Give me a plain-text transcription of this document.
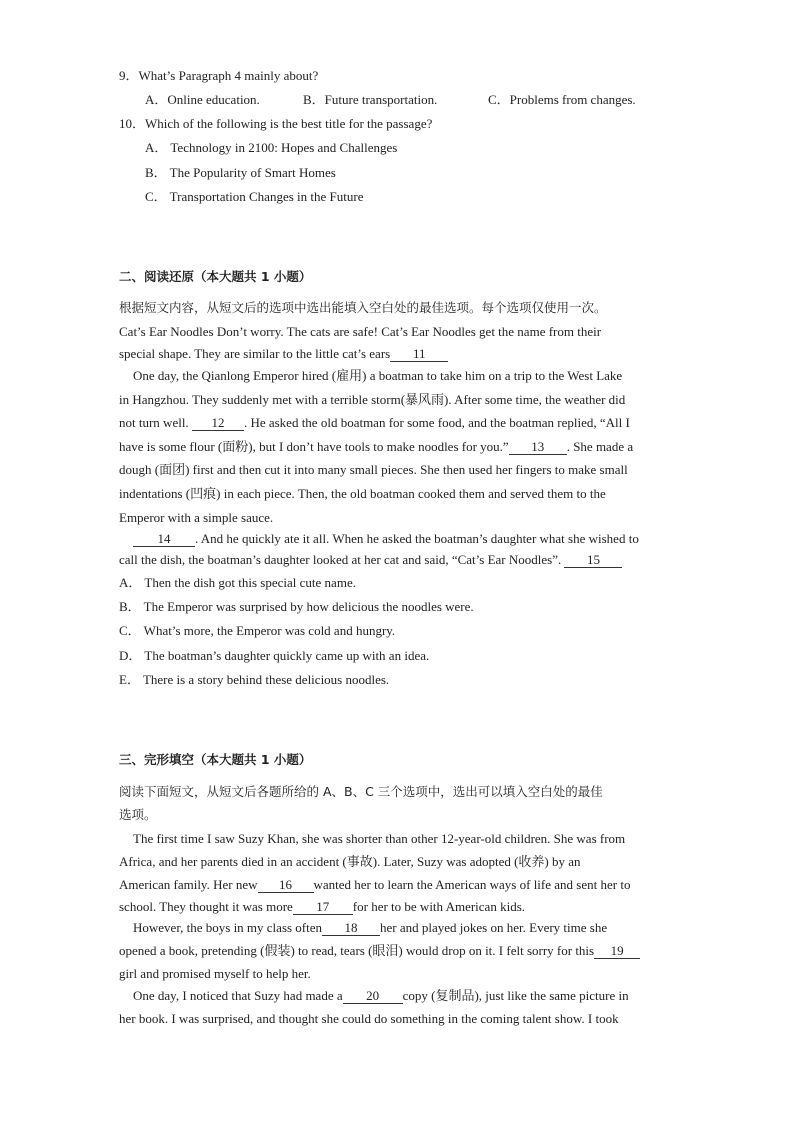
9．What’s Paragraph 4 mainly about?
A．Online education.	B．Future transportation.	C．Problems from changes.
10．Which of the following is the best title for the passage?
A． Technology in 2100: Hopes and Challenges
B． The Popularity of Smart Homes
C． Transportation Changes in the Future
二、阅读还原（本大题共 1 小题）
根据短文内容，从短文后的选项中选出能填入空白处的最佳选项。每个选项仅使用一次。
Cat’s Ear Noodles Don’t worry. The cats are safe! Cat’s Ear Noodles get the name from their
special shape. They are similar to the little cat’s ears 11
One day, the Qianlong Emperor hired (雇用) a boatman to take him on a trip to the West Lake
in Hangzhou. They suddenly met with a terrible storm(暴风雨). After some time, the weather did
not turn well. 12 . He asked the old boatman for some food, and the boatman replied, “All I
have is some flour (面粉), but I don’t have tools to make noodles for you.” 13 . She made a
dough (面团) first and then cut it into many small pieces. She then used her fingers to make small
indentations (凹痕) in each piece. Then, the old boatman cooked them and served them to the
Emperor with a simple sauce.
14 . And he quickly ate it all. When he asked the boatman’s daughter what she wished to
call the dish, the boatman’s daughter looked at her cat and said, “Cat’s Ear Noodles”. 15
A． Then the dish got this special cute name.
B． The Emperor was surprised by how delicious the noodles were.
C． What’s more, the Emperor was cold and hungry.
D． The boatman’s daughter quickly came up with an idea.
E． There is a story behind these delicious noodles.
三、完形填空（本大题共 1 小题）
阅读下面短文，从短文后各题所给的 A、B、C 三个选项中，选出可以填入空白处的最佳
选项。
The first time I saw Suzy Khan, she was shorter than other 12-year-old children. She was from
Africa, and her parents died in an accident (事故). Later, Suzy was adopted (收养) by an
American family. Her new 16 wanted her to learn the American ways of life and sent her to
school. They thought it was more 17 for her to be with American kids.
However, the boys in my class often 18 her and played jokes on her. Every time she
opened a book, pretending (假装) to read, tears (眼泪) would drop on it. I felt sorry for this 19
girl and promised myself to help her.
One day, I noticed that Suzy had made a 20 copy (复制品), just like the same picture in
her book. I was surprised, and thought she could do something in the coming talent show. I took
